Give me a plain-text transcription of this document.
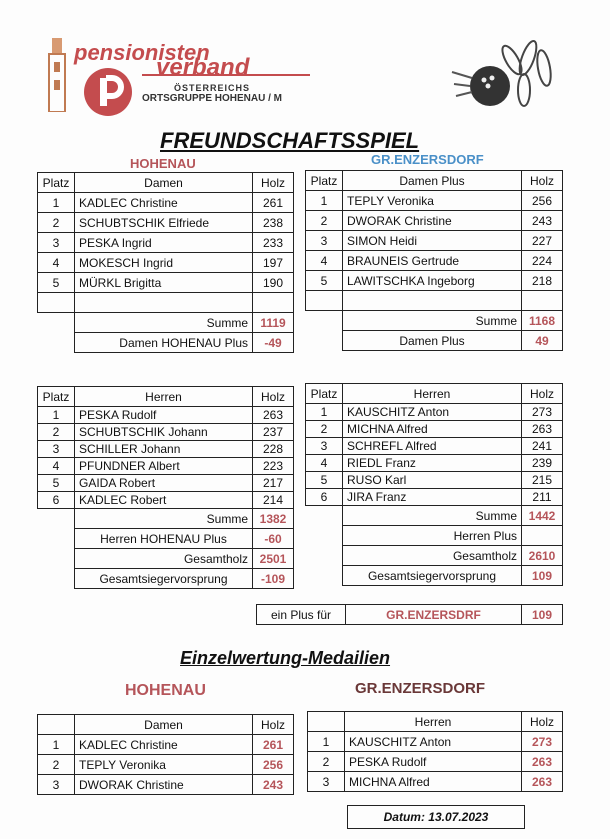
pensionisten
verband
ÖSTERREICHS
ORTSGRUPPE HOHENAU / M
FREUNDSCHAFTSSPIEL
HOHENAU	GR.ENZERSDORF
Platz	Damen	Holz
1	KADLEC Christine	261
2	SCHUBTSCHIK Elfriede	238
3	PESKA Ingrid	233
4	MOKESCH Ingrid	197
5	MÜRKL Brigitta	190

	Summe	1119
	Damen HOHENAU Plus	-49
Platz	Damen Plus	Holz
1	TEPLY Veronika	256
2	DWORAK Christine	243
3	SIMON Heidi	227
4	BRAUNEIS Gertrude	224
5	LAWITSCHKA Ingeborg	218

	Summe	1168
	Damen Plus	49
Platz	Herren	Holz
1	PESKA Rudolf	263
2	SCHUBTSCHIK Johann	237
3	SCHILLER Johann	228
4	PFUNDNER Albert	223
5	GAIDA Robert	217
6	KADLEC Robert	214
	Summe	1382
	Herren HOHENAU Plus	-60
	Gesamtholz	2501
	Gesamtsiegervorsprung	-109
Platz	Herren	Holz
1	KAUSCHITZ Anton	273
2	MICHNA Alfred	263
3	SCHREFL Alfred	241
4	RIEDL Franz	239
5	RUSO Karl	215
6	JIRA Franz	211
	Summe	1442
	Herren Plus	
	Gesamtholz	2610
	Gesamtsiegervorsprung	109
ein Plus für	GR.ENZERSDRF	109
Einzelwertung-Medailien
HOHENAU	GR.ENZERSDORF
	Damen	Holz
1	KADLEC Christine	261
2	TEPLY Veronika	256
3	DWORAK Christine	243
	Herren	Holz
1	KAUSCHITZ Anton	273
2	PESKA Rudolf	263
3	MICHNA Alfred	263
Datum: 13.07.2023
